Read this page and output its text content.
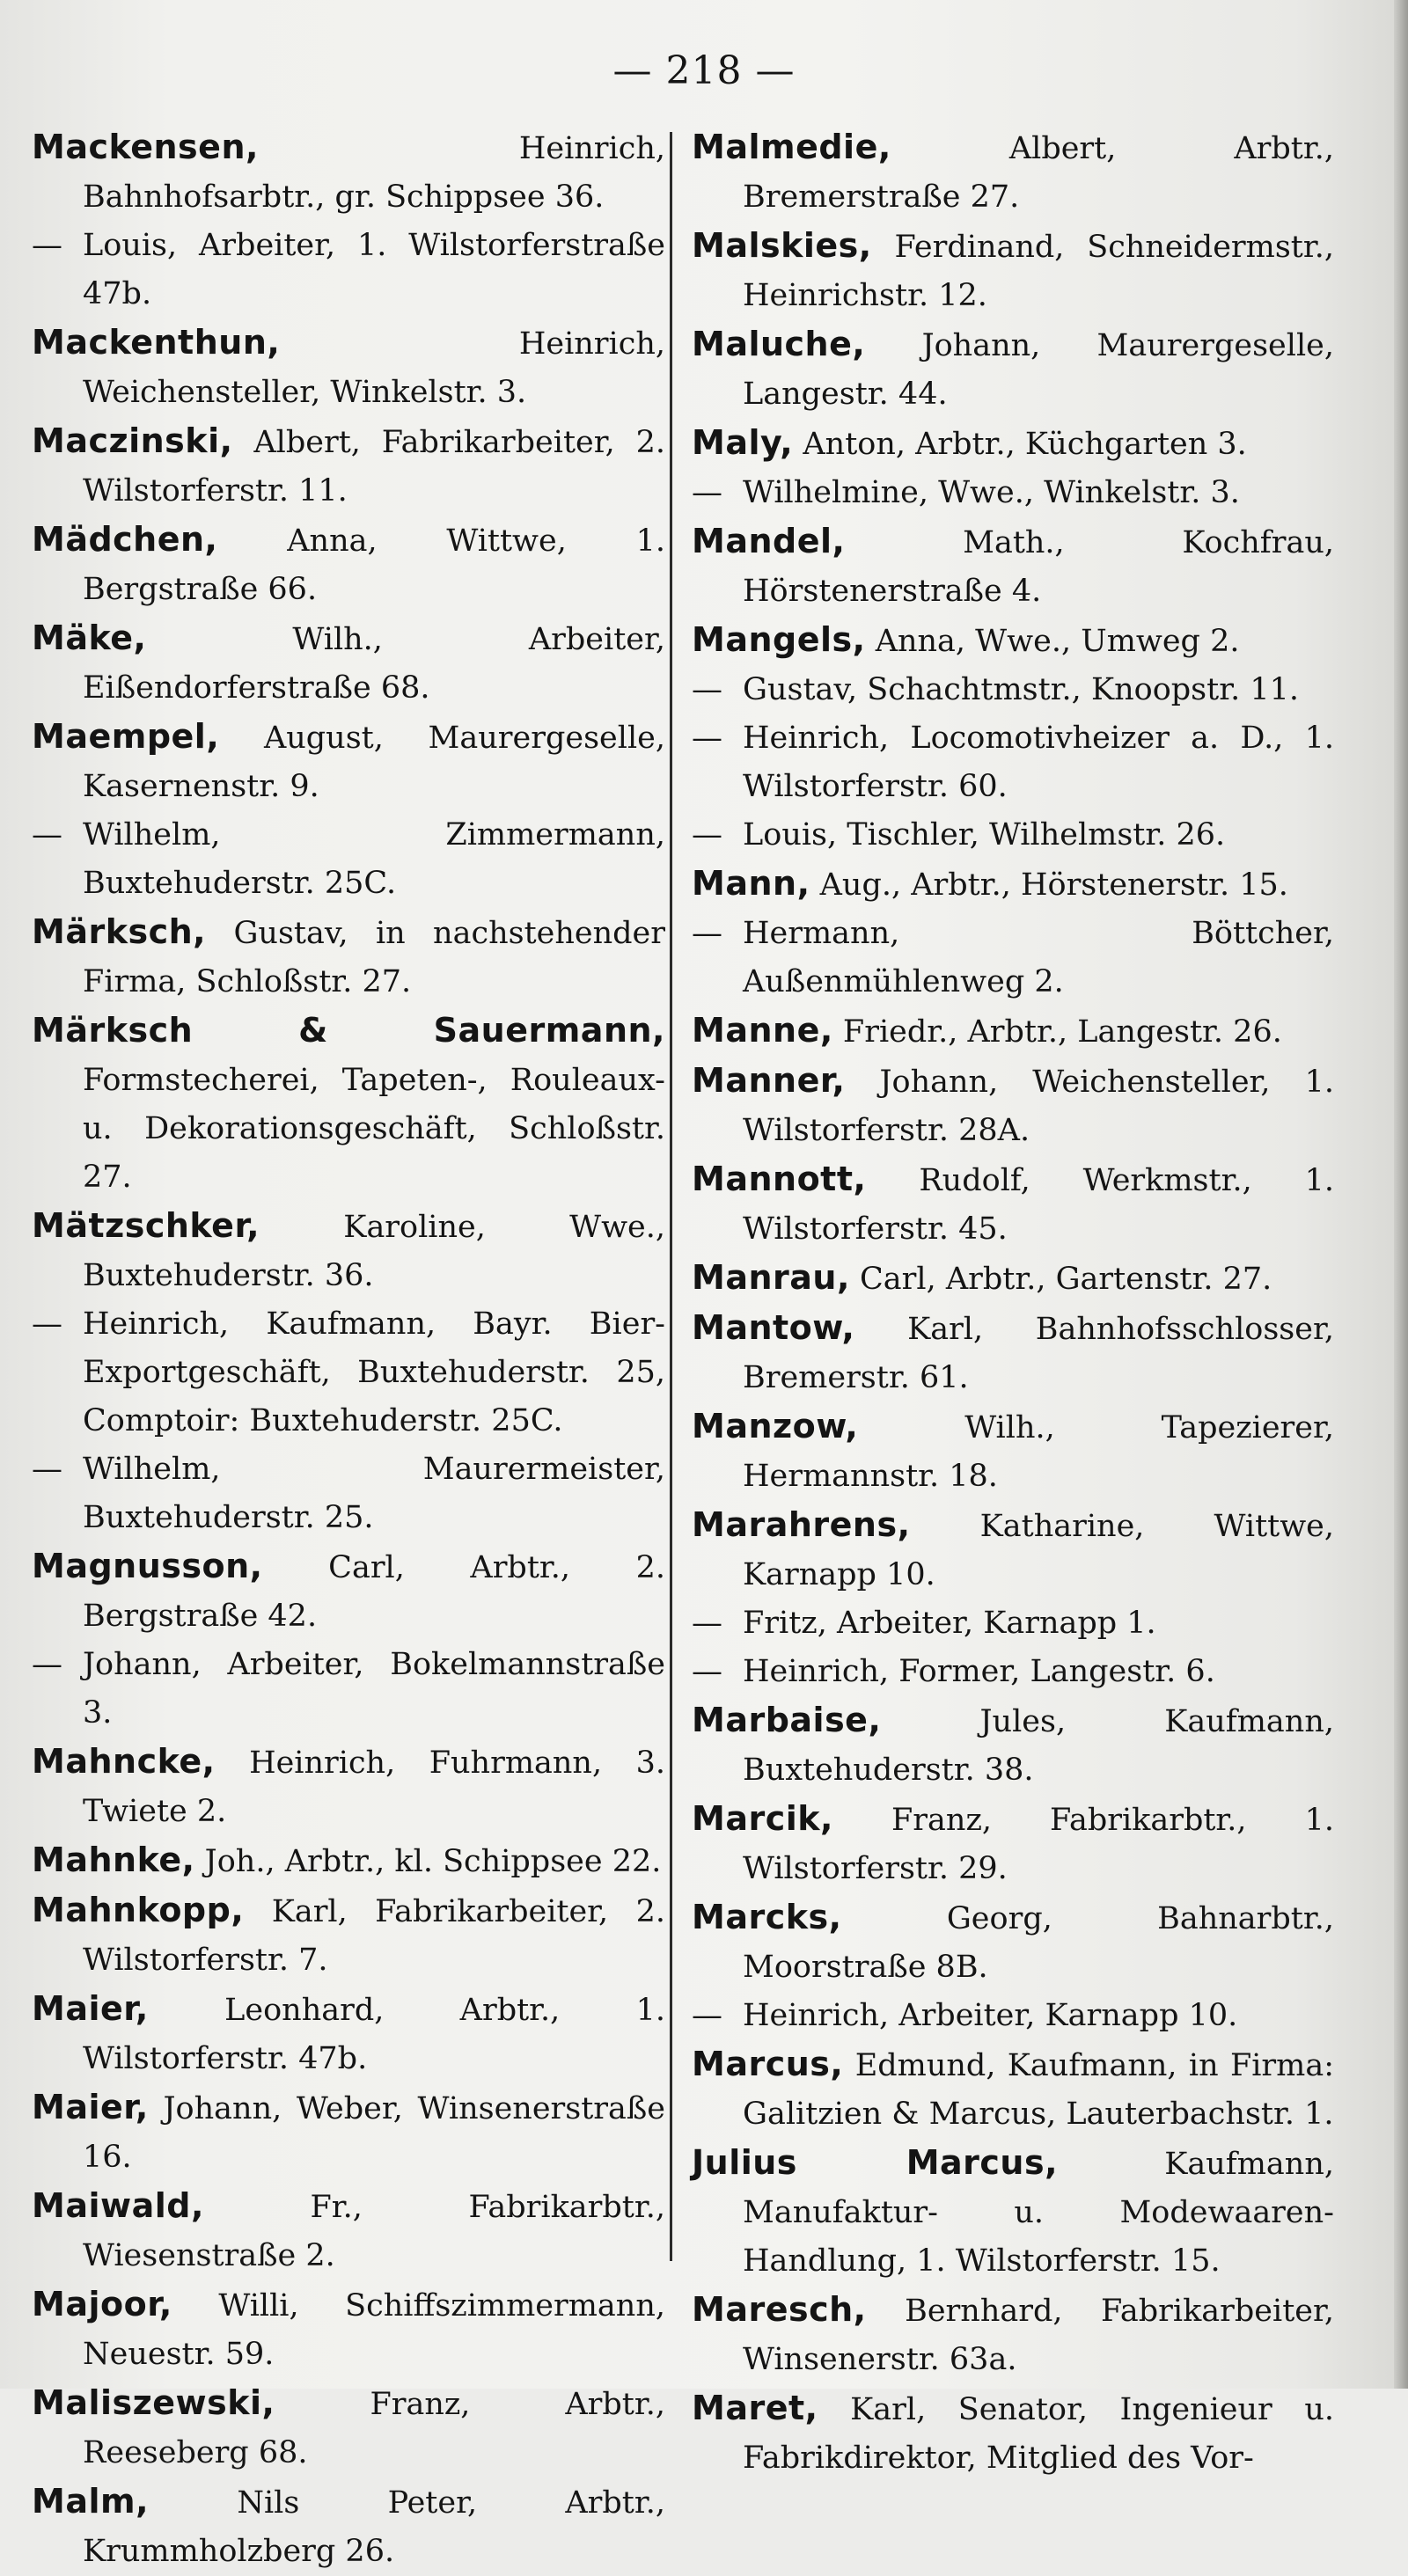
— 218 —
Mackensen,	Heinrich, Bahnhofsarbtr., gr. Schippsee 36.
— Louis, Arbeiter, 1. Wilstorferstraße 47b.
Mackenthun,	Heinrich, Weichensteller, Winkelstr. 3.
Maczinski, Albert, Fabrikarbeiter, 2. Wilstorferstr. 11.
Mädchen, Anna, Wittwe, 1. Bergstraße 66.
Mäke,	Wilh., Arbeiter, Eißendorferstraße 68.
Maempel, August, Maurergeselle, Kasernenstr. 9.
— Wilhelm, Zimmermann, Buxtehuderstr. 25C.
Märksch, Gustav, in nachstehender Firma, Schloßstr. 27.
Märksch & Sauermann, Formstecherei, Tapeten-, Rouleaux- u. Dekorationsgeschäft, Schloßstr. 27.
Mätzschker,	Karoline, Wwe., Buxtehuderstr. 36.
— Heinrich, Kaufmann, Bayr. Bier-Exportgeschäft, Buxtehuderstr. 25, Comptoir: Buxtehuderstr. 25C.
— Wilhelm, Maurermeister, Buxtehuderstr. 25.
Magnusson, Carl, Arbtr., 2. Bergstraße 42.
— Johann, Arbeiter, Bokelmannstraße 3.
Mahncke, Heinrich, Fuhrmann, 3. Twiete 2.
Mahnke, Joh., Arbtr., kl. Schippsee 22.
Mahnkopp, Karl, Fabrikarbeiter, 2. Wilstorferstr. 7.
Maier, Leonhard, Arbtr., 1. Wilstorferstr. 47b.
Maier, Johann, Weber, Winsenerstraße 16.
Maiwald,	Fr., Fabrikarbtr., Wiesenstraße 2.
Majoor, Willi, Schiffszimmermann, Neuestr. 59.
Maliszewski,	Franz, Arbtr., Reeseberg 68.
Malm,	Nils Peter, Arbtr., Krummholzberg 26.
Malmedie,	Albert, Arbtr., Bremerstraße 27.
Malskies, Ferdinand, Schneidermstr., Heinrichstr. 12.
Maluche, Johann, Maurergeselle, Langestr. 44.
Maly, Anton, Arbtr., Küchgarten 3.
— Wilhelmine, Wwe., Winkelstr. 3.
Mandel,	Math., Kochfrau, Hörstenerstraße 4.
Mangels, Anna, Wwe., Umweg 2.
— Gustav, Schachtmstr., Knoopstr. 11.
— Heinrich, Locomotivheizer a. D., 1. Wilstorferstr. 60.
— Louis, Tischler, Wilhelmstr. 26.
Mann, Aug., Arbtr., Hörstenerstr. 15.
— Hermann, Böttcher, Außenmühlenweg 2.
Manne, Friedr., Arbtr., Langestr. 26.
Manner, Johann, Weichensteller, 1. Wilstorferstr. 28A.
Mannott, Rudolf, Werkmstr., 1. Wilstorferstr. 45.
Manrau, Carl, Arbtr., Gartenstr. 27.
Mantow, Karl, Bahnhofsschlosser, Bremerstr. 61.
Manzow,	Wilh., Tapezierer, Hermannstr. 18.
Marahrens, Katharine, Wittwe, Karnapp 10.
— Fritz, Arbeiter, Karnapp 1.
— Heinrich, Former, Langestr. 6.
Marbaise,	Jules, Kaufmann, Buxtehuderstr. 38.
Marcik, Franz, Fabrikarbtr., 1. Wilstorferstr. 29.
Marcks,	Georg, Bahnarbtr., Moorstraße 8B.
— Heinrich, Arbeiter, Karnapp 10.
Marcus, Edmund, Kaufmann, in Firma: Galitzien & Marcus, Lauterbachstr. 1.
Julius Marcus,	Kaufmann, Manufaktur- u. Modewaaren-Handlung, 1. Wilstorferstr. 15.
Maresch, Bernhard, Fabrikarbeiter, Winsenerstr. 63a.
Maret, Karl, Senator, Ingenieur u. Fabrikdirektor, Mitglied des Vor-
